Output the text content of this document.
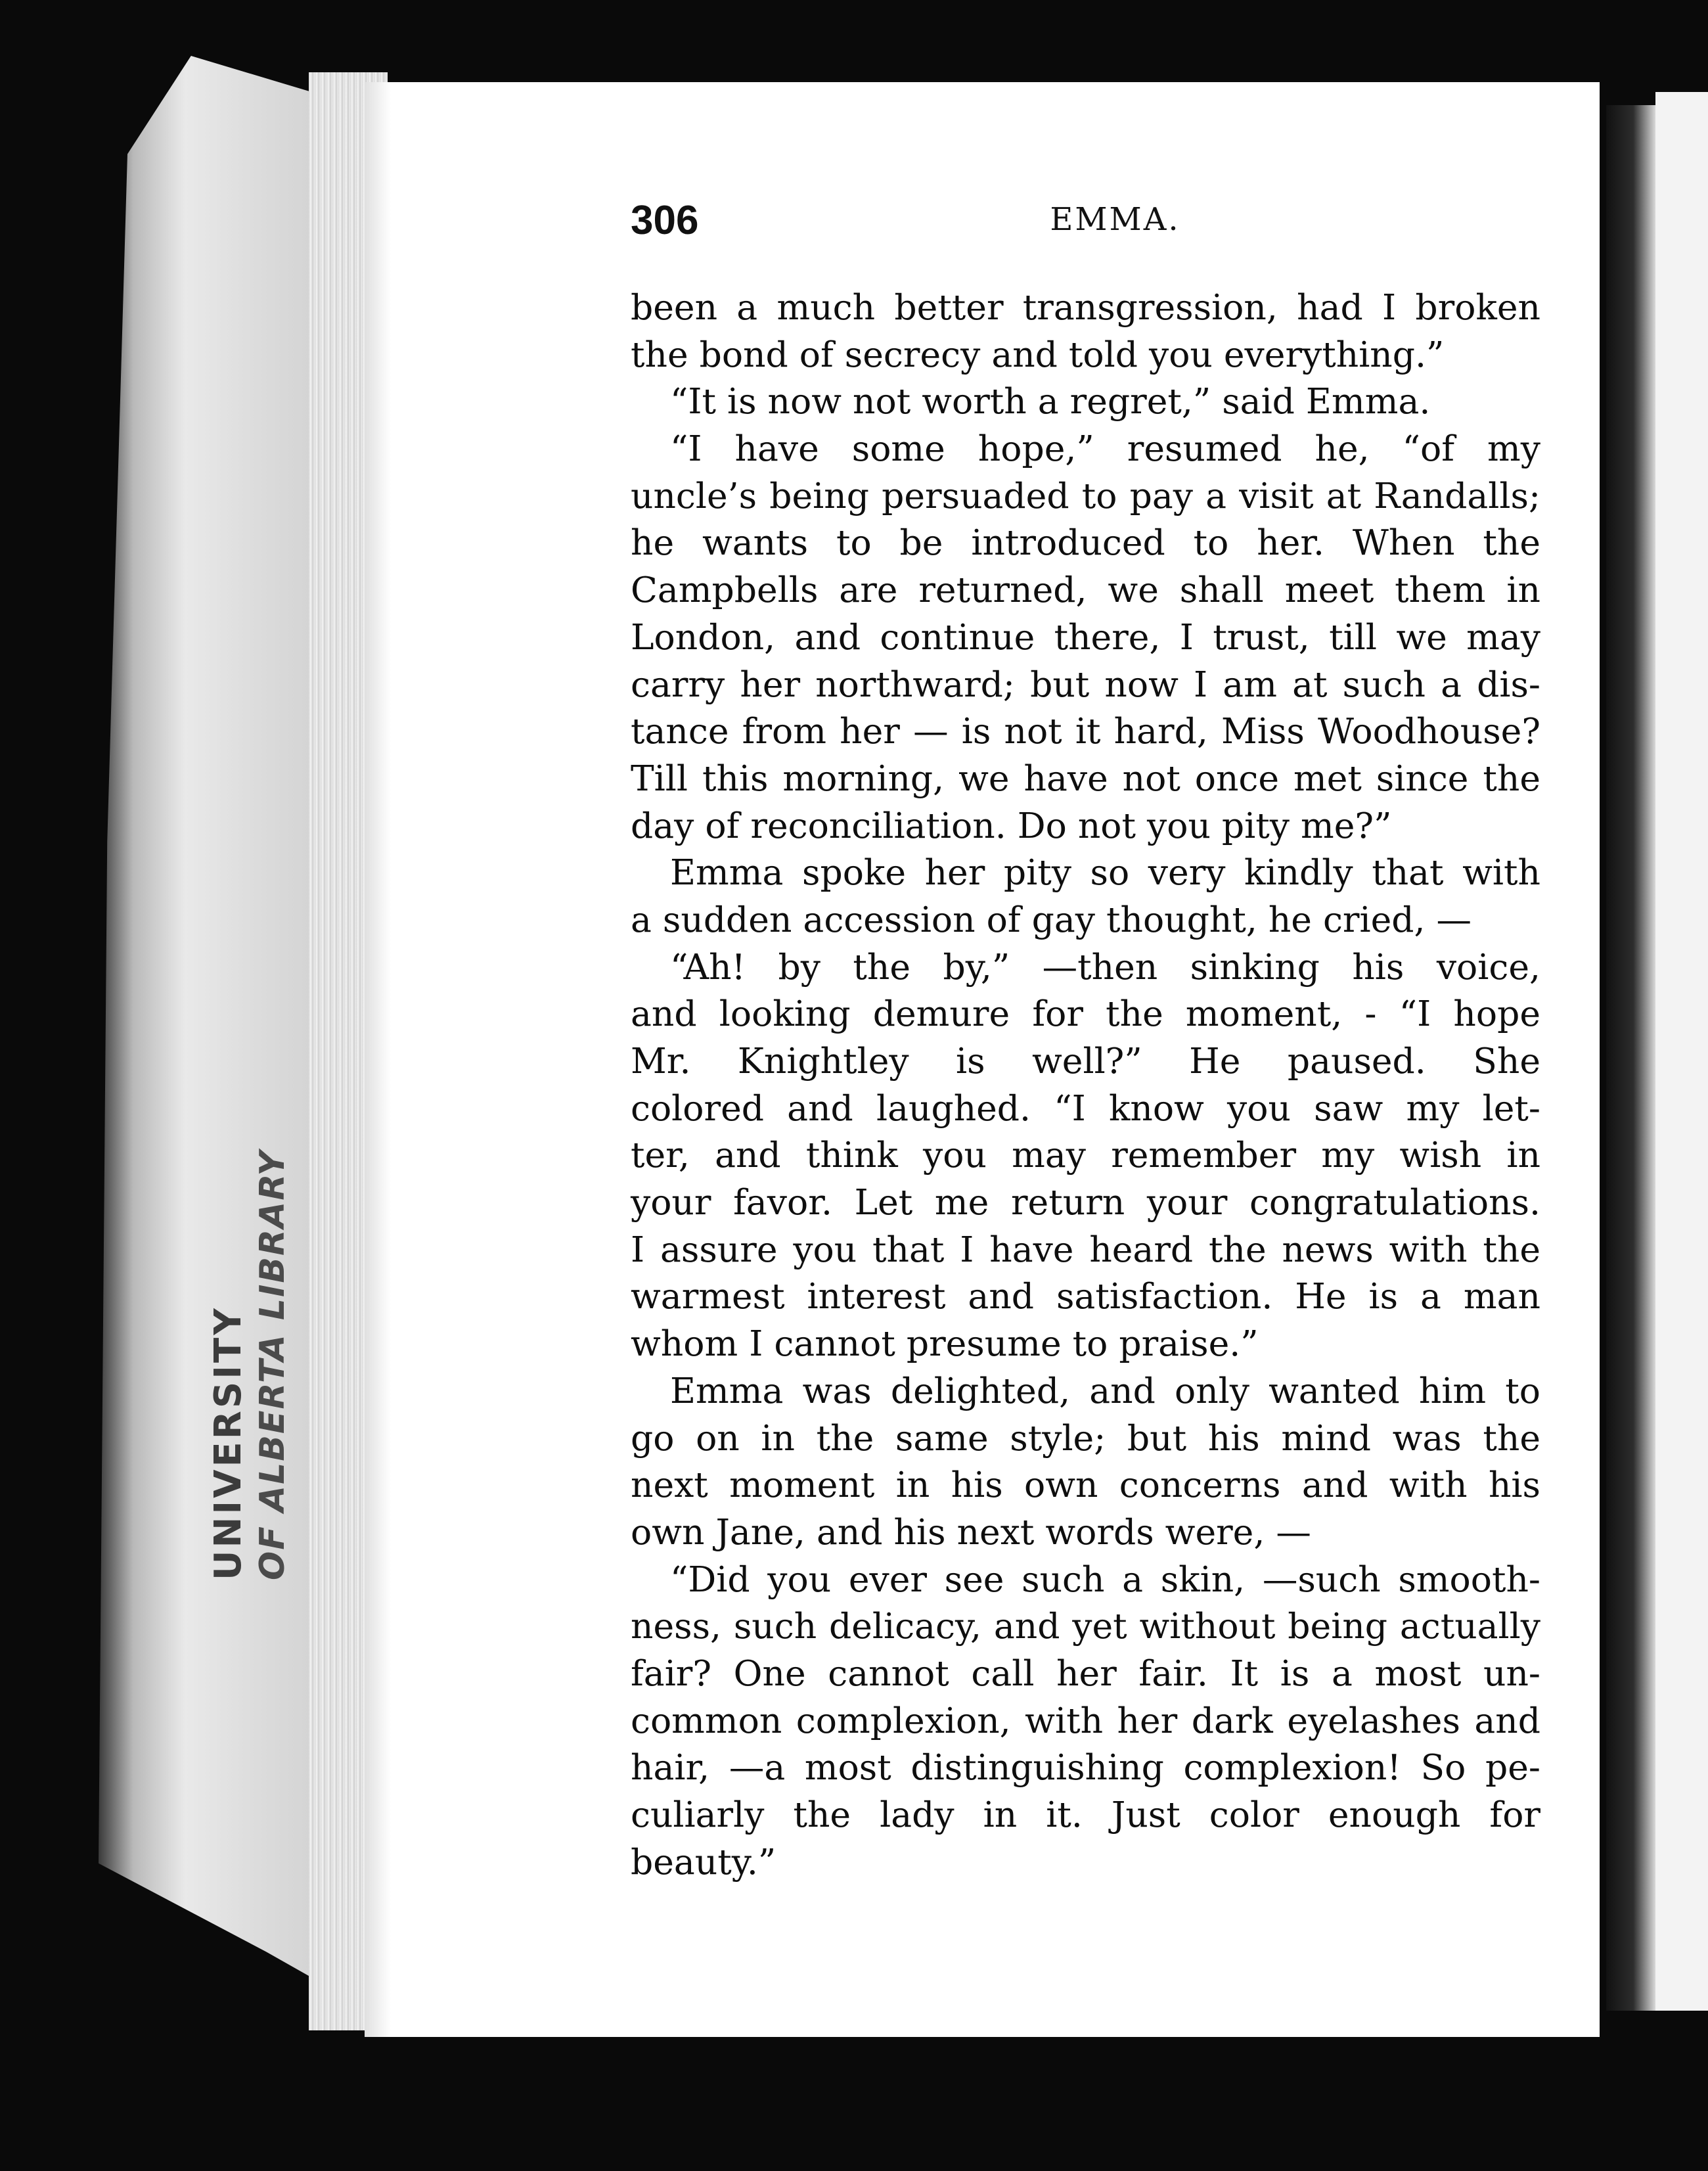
UNIVERSITY OF ALBERTA LIBRARY
306	EMMA.
been a much better transgression, had I broken
the bond of secrecy and told you everything.”
“It is now not worth a regret,” said Emma.
“I have some hope,” resumed he, “of my
uncle’s being persuaded to pay a visit at Randalls;
he wants to be introduced to her. When the
Campbells are returned, we shall meet them in
London, and continue there, I trust, till we may
carry her northward; but now I am at such a dis-
tance from her — is not it hard, Miss Woodhouse?
Till this morning, we have not once met since the
day of reconciliation. Do not you pity me?”
Emma spoke her pity so very kindly that with
a sudden accession of gay thought, he cried, —
“Ah! by the by,” —then sinking his voice,
and looking demure for the moment, - “I hope
Mr. Knightley is well?” He paused. She
colored and laughed. “I know you saw my let-
ter, and think you may remember my wish in
your favor. Let me return your congratulations.
I assure you that I have heard the news with the
warmest interest and satisfaction. He is a man
whom I cannot presume to praise.”
Emma was delighted, and only wanted him to
go on in the same style; but his mind was the
next moment in his own concerns and with his
own Jane, and his next words were, —
“Did you ever see such a skin, —such smooth-
ness, such delicacy, and yet without being actually
fair? One cannot call her fair. It is a most un-
common complexion, with her dark eyelashes and
hair, —a most distinguishing complexion! So pe-
culiarly the lady in it. Just color enough for
beauty.”
